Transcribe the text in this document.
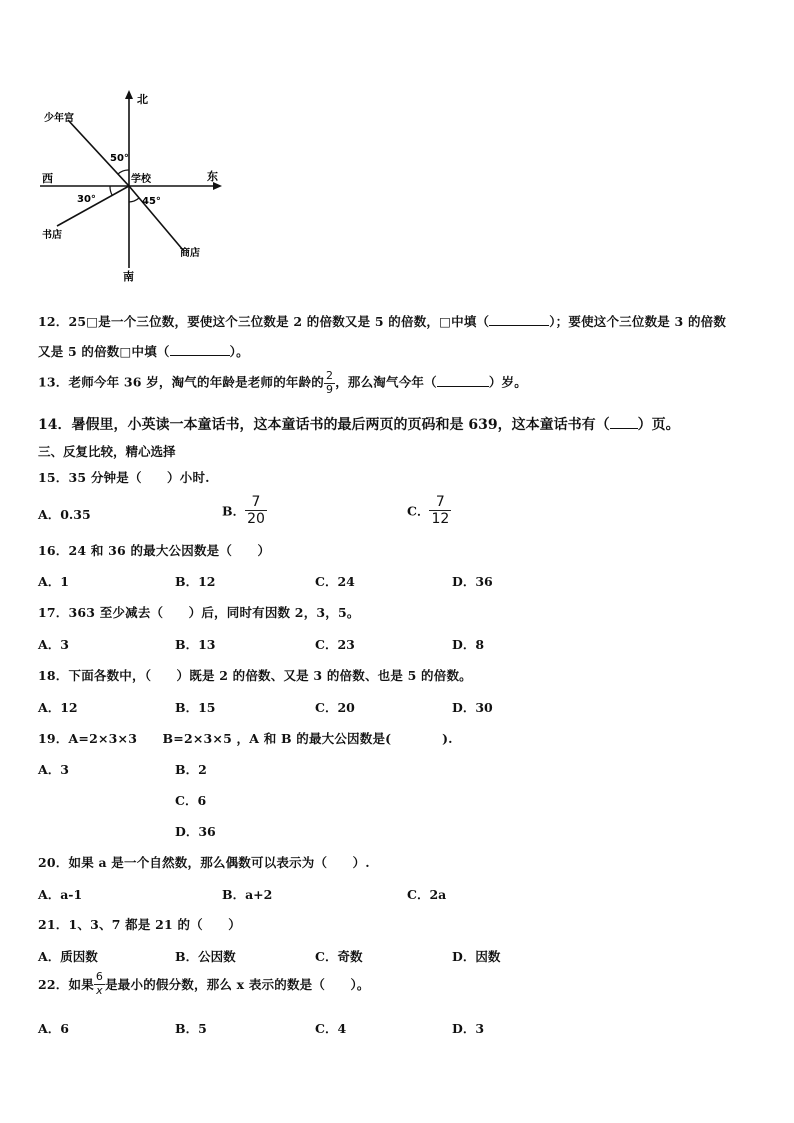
北
南
西	东
学校
少年宫
书店
商店
50°
30°	45°
12．25□是一个三位数，要使这个三位数是 2 的倍数又是 5 的倍数，□中填（	）；要使这个三位数是 3 的倍数
又是 5 的倍数□中填（	）。
13．老师今年 36 岁，淘气的年龄是老师的年龄的 $\frac{2}{9}$ ，那么淘气今年（	）岁。
14．暑假里，小英读一本童话书，这本童话书的最后两页的页码和是 639，这本童话书有（ ）页。
三、反复比较，精心选择
15．35 分钟是（　　）小时.
A．0.35	B． $\frac{7}{20}$	C． $\frac{7}{12}$
16．24 和 36 的最大公因数是（　　）
A．1	B．12	C．24	D．36
17．363 至少减去（　　）后，同时有因数 2，3，5。
A．3	B．13	C．23	D．8
18．下面各数中，（　　）既是 2 的倍数、又是 3 的倍数、也是 5 的倍数。
A．12	B．15	C．20	D．30
19．A=2×3×3　　B=2×3×5 ，A 和 B 的最大公因数是(　　　　).
A．3	B．2
C．6
D．36
20．如果 a 是一个自然数，那么偶数可以表示为（　　）.
A．a-1	B．a+2	C．2a
21．1、3、7 都是 21 的（　　）
A．质因数	B．公因数	C．奇数	D．因数
22．如果 $\frac{6}{x}$ 是最小的假分数，那么 x 表示的数是（　　）。
A．6	B．5	C．4	D．3
